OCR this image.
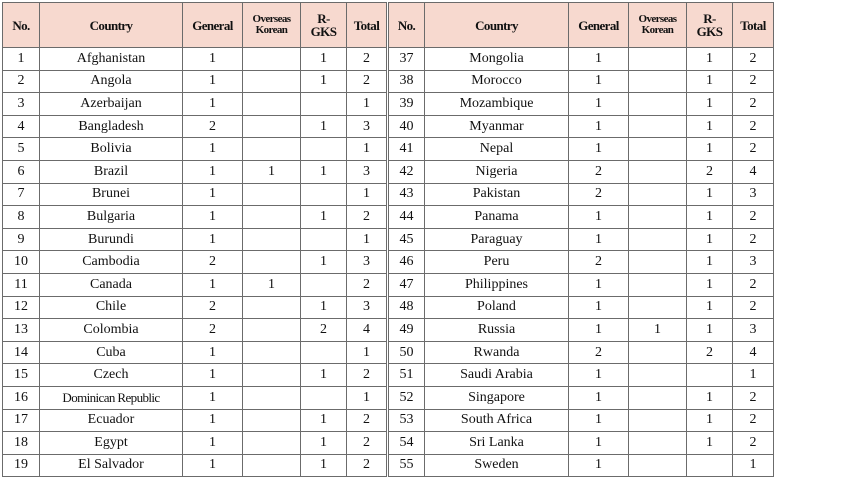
No.	Country	General	Overseas
Korean	R-
GKS	Total	No.	Country	General	Overseas
Korean	R-
GKS	Total
1	Afghanistan	1		1	2	37	Mongolia	1		1	2
2	Angola	1		1	2	38	Morocco	1		1	2
3	Azerbaijan	1			1	39	Mozambique	1		1	2
4	Bangladesh	2		1	3	40	Myanmar	1		1	2
5	Bolivia	1			1	41	Nepal	1		1	2
6	Brazil	1	1	1	3	42	Nigeria	2		2	4
7	Brunei	1			1	43	Pakistan	2		1	3
8	Bulgaria	1		1	2	44	Panama	1		1	2
9	Burundi	1			1	45	Paraguay	1		1	2
10	Cambodia	2		1	3	46	Peru	2		1	3
11	Canada	1	1		2	47	Philippines	1		1	2
12	Chile	2		1	3	48	Poland	1		1	2
13	Colombia	2		2	4	49	Russia	1	1	1	3
14	Cuba	1			1	50	Rwanda	2		2	4
15	Czech	1		1	2	51	Saudi Arabia	1			1
16	Dominican Republic	1			1	52	Singapore	1		1	2
17	Ecuador	1		1	2	53	South Africa	1		1	2
18	Egypt	1		1	2	54	Sri Lanka	1		1	2
19	El Salvador	1		1	2	55	Sweden	1			1
